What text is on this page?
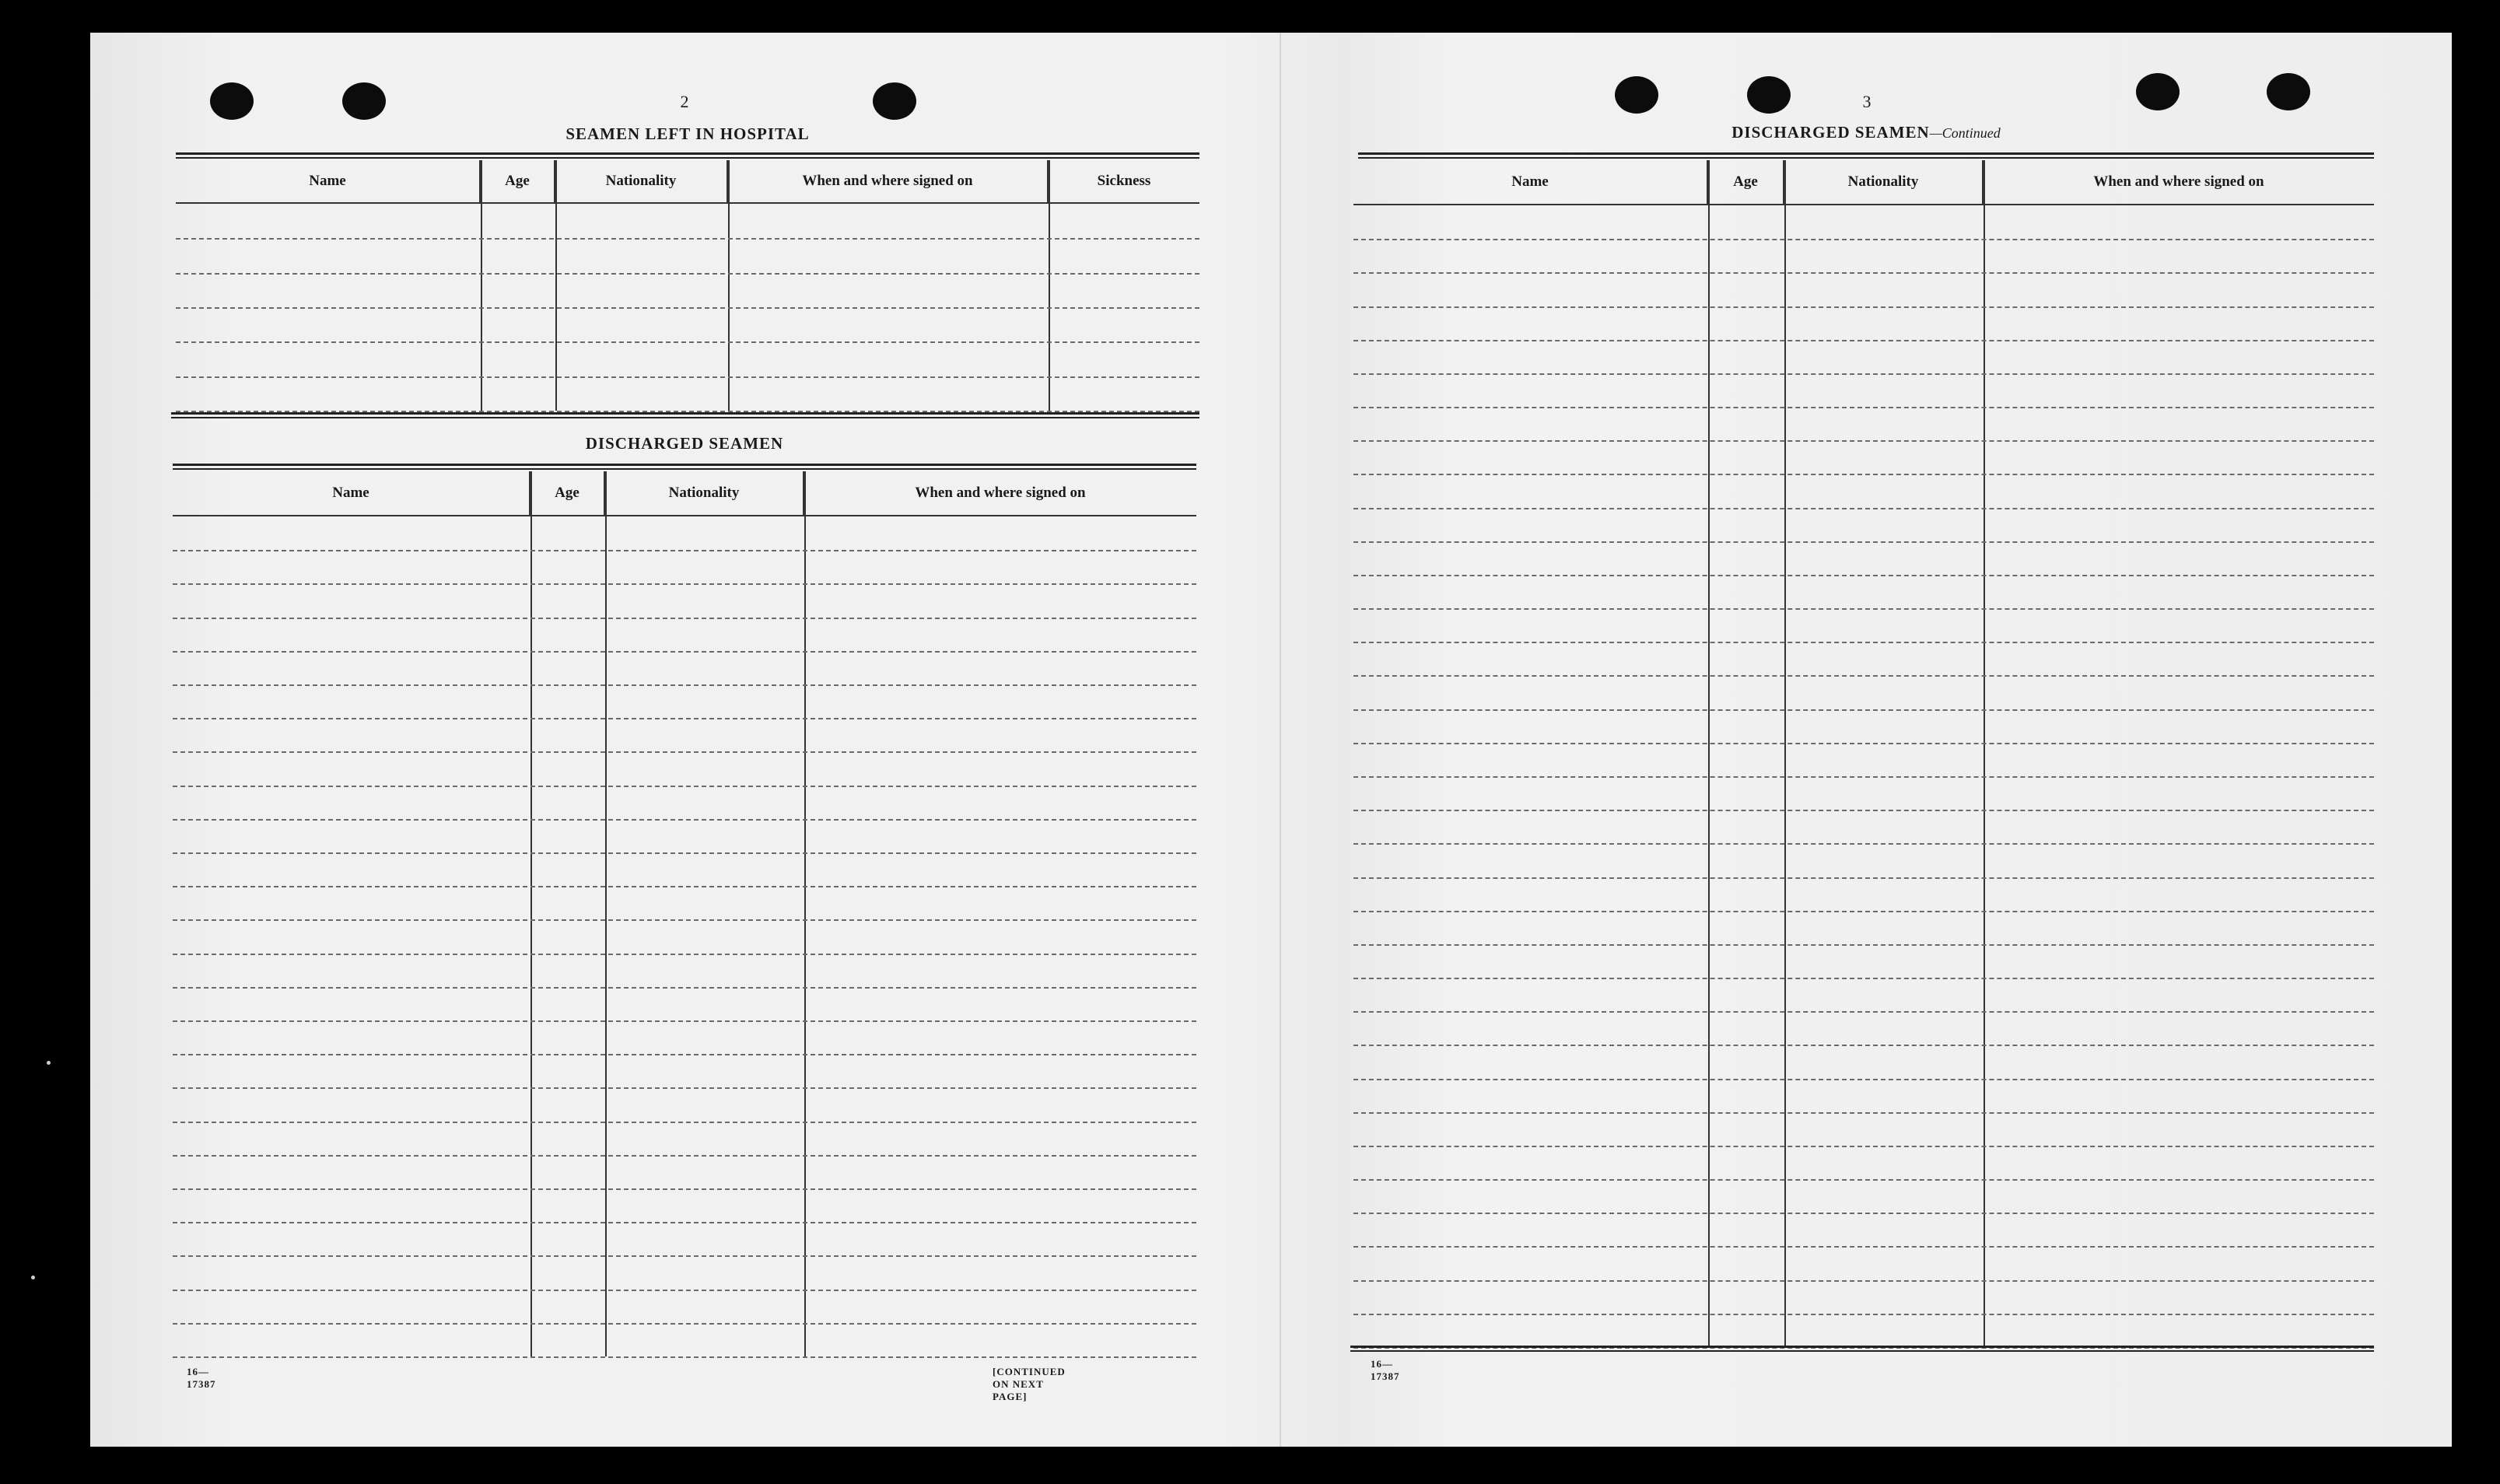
2
SEAMEN LEFT IN HOSPITAL
Name	Age	Nationality	When and where signed on	Sickness
DISCHARGED SEAMEN
Name	Age	Nationality	When and where signed on
16—17387
[CONTINUED ON NEXT PAGE]
3
DISCHARGED SEAMEN—Continued
Name	Age	Nationality	When and where signed on
16—17387
